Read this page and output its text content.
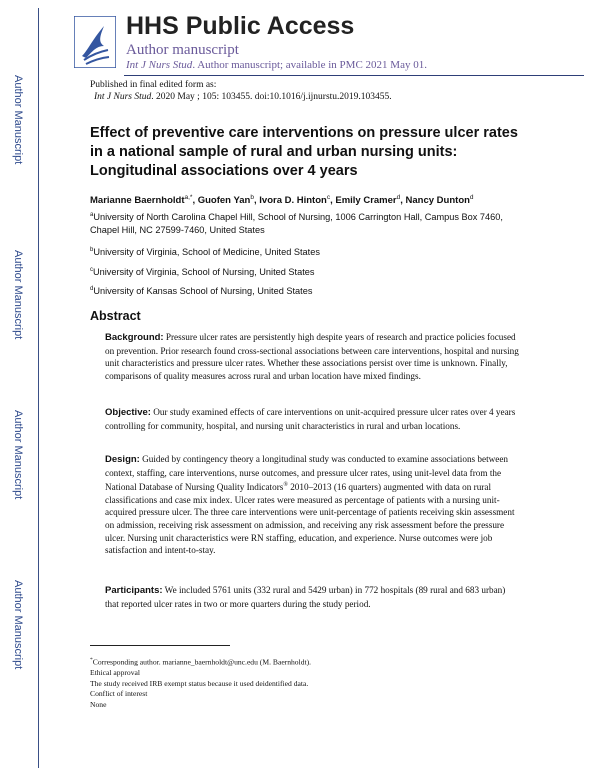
Author Manuscript
Author Manuscript
Author Manuscript
Author Manuscript
HHS Public Access
Author manuscript
Int J Nurs Stud. Author manuscript; available in PMC 2021 May 01.
Published in final edited form as:
Int J Nurs Stud. 2020 May ; 105: 103455. doi:10.1016/j.ijnurstu.2019.103455.
Effect of preventive care interventions on pressure ulcer rates in a national sample of rural and urban nursing units: Longitudinal associations over 4 years
Marianne Baernholdt$^{a,*}$, Guofen Yan$^b$, Ivora D. Hinton$^c$, Emily Cramer$^d$, Nancy Dunton$^d$
$^a$University of North Carolina Chapel Hill, School of Nursing, 1006 Carrington Hall, Campus Box 7460, Chapel Hill, NC 27599-7460, United States
$^b$University of Virginia, School of Medicine, United States
$^c$University of Virginia, School of Nursing, United States
$^d$University of Kansas School of Nursing, United States
Abstract
Background: Pressure ulcer rates are persistently high despite years of research and practice policies focused on prevention. Prior research found cross-sectional associations between care interventions, hospital and nursing unit characteristics and pressure ulcer rates. Whether these associations persist over time is unknown. Finally, comparisons of quality measures across rural and urban location have mixed findings.
Objective: Our study examined effects of care interventions on unit-acquired pressure ulcer rates over 4 years controlling for community, hospital, and nursing unit characteristics in rural and urban locations.
Design: Guided by contingency theory a longitudinal study was conducted to examine associations between context, staffing, care interventions, nurse outcomes, and pressure ulcer rates, using unit-level data from the National Database of Nursing Quality Indicators® 2010–2013 (16 quarters) augmented with data on rural classifications and case mix index. Ulcer rates were measured as percentage of patients with a nursing unit-acquired pressure ulcer. The three care interventions were unit-percentage of patients receiving skin assessment on admission, receiving risk assessment on admission, and receiving any risk assessment before the pressure ulcer. Nursing unit characteristics were RN staffing, education, and experience. Nurse outcomes were job satisfaction and intent-to-stay.
Participants: We included 5761 units (332 rural and 5429 urban) in 772 hospitals (89 rural and 683 urban) that reported ulcer rates in two or more quarters during the study period.
*Corresponding author. marianne_baernholdt@unc.edu (M. Baernholdt).
Ethical approval
The study received IRB exempt status because it used deidentified data.
Conflict of interest
None
